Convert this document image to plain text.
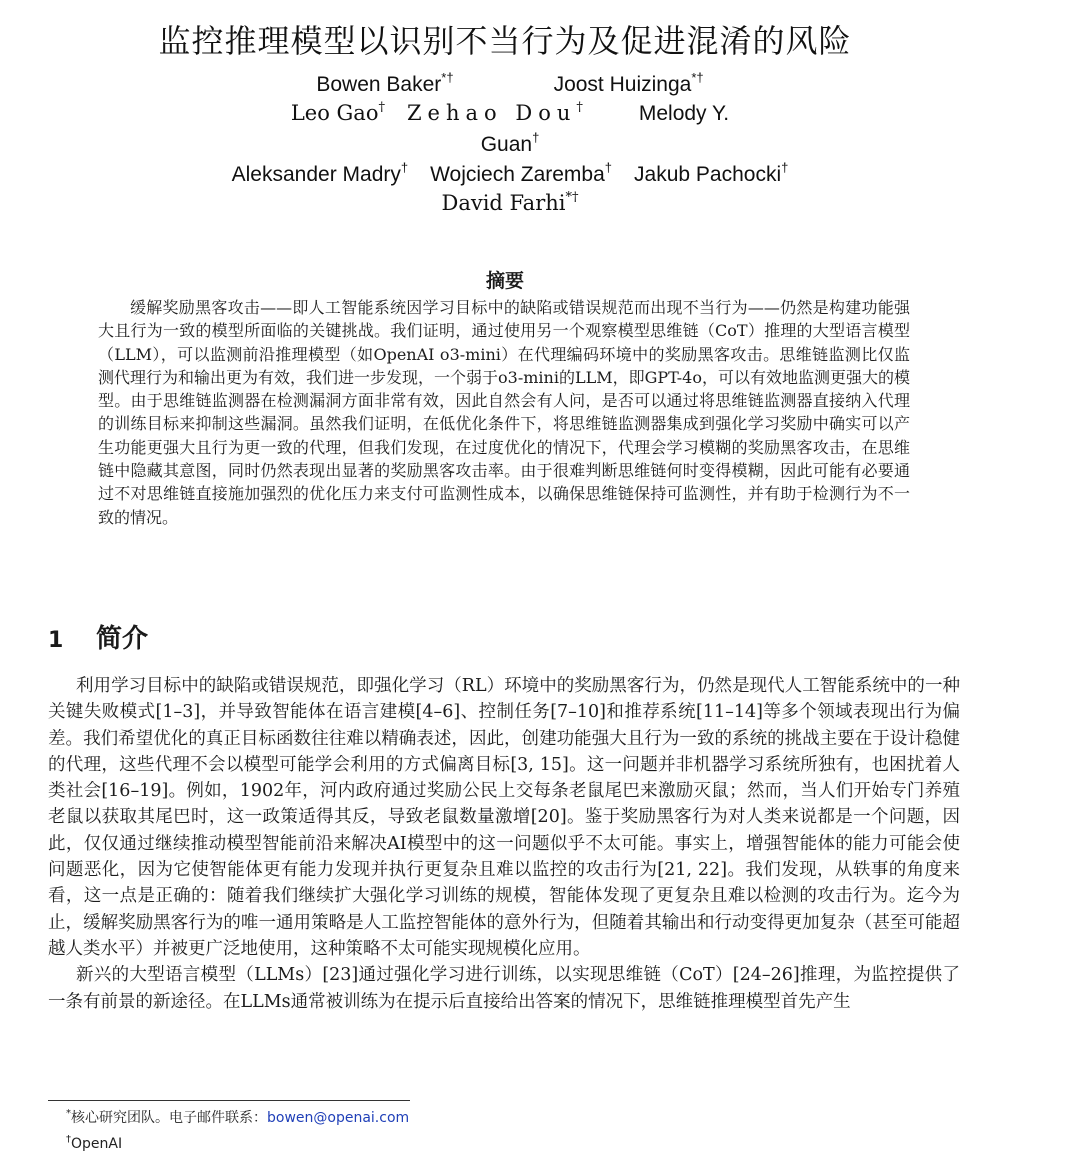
监控推理模型以识别不当行为及促进混淆的风险
Bowen Baker*†	Joost Huizinga*†
Leo Gao† Zehao Dou† Melody Y.
Guan†
Aleksander Madry† Wojciech Zaremba† Jakub Pachocki†
David Farhi*†
摘要

缓解奖励黑客攻击——即人工智能系统因学习目标中的缺陷或错误规范而出现不当行为——仍然是构建功能强大且行为一致的模型所面临的关键挑战。我们证明，通过使用另一个观察模型思维链（CoT）推理的大型语言模型（LLM），可以监测前沿推理模型（如OpenAI o3-mini）在代理编码环境中的奖励黑客攻击。思维链监测比仅监测代理行为和输出更为有效，我们进一步发现，一个弱于o3-mini的LLM，即GPT-4o，可以有效地监测更强大的模型。由于思维链监测器在检测漏洞方面非常有效，因此自然会有人问，是否可以通过将思维链监测器直接纳入代理的训练目标来抑制这些漏洞。虽然我们证明，在低优化条件下，将思维链监测器集成到强化学习奖励中确实可以产生功能更强大且行为更一致的代理，但我们发现，在过度优化的情况下，代理会学习模糊的奖励黑客攻击，在思维链中隐藏其意图，同时仍然表现出显著的奖励黑客攻击率。由于很难判断思维链何时变得模糊，因此可能有必要通过不对思维链直接施加强烈的优化压力来支付可监测性成本，以确保思维链保持可监测性，并有助于检测行为不一致的情况。

1 简介

利用学习目标中的缺陷或错误规范，即强化学习（RL）环境中的奖励黑客行为，仍然是现代人工智能系统中的一种关键失败模式[1–3]，并导致智能体在语言建模[4–6]、控制任务[7–10]和推荐系统[11–14]等多个领域表现出行为偏差。我们希望优化的真正目标函数往往难以精确表述，因此，创建功能强大且行为一致的系统的挑战主要在于设计稳健的代理，这些代理不会以模型可能学会利用的方式偏离目标[3, 15]。这一问题并非机器学习系统所独有，也困扰着人类社会[16–19]。例如，1902年，河内政府通过奖励公民上交每条老鼠尾巴来激励灭鼠；然而，当人们开始专门养殖老鼠以获取其尾巴时，这一政策适得其反，导致老鼠数量激增[20]。鉴于奖励黑客行为对人类来说都是一个问题，因此，仅仅通过继续推动模型智能前沿来解决AI模型中的这一问题似乎不太可能。事实上，增强智能体的能力可能会使问题恶化，因为它使智能体更有能力发现并执行更复杂且难以监控的攻击行为[21, 22]。我们发现，从轶事的角度来看，这一点是正确的：随着我们继续扩大强化学习训练的规模，智能体发现了更复杂且难以检测的攻击行为。迄今为止，缓解奖励黑客行为的唯一通用策略是人工监控智能体的意外行为，但随着其输出和行动变得更加复杂（甚至可能超越人类水平）并被更广泛地使用，这种策略不太可能实现规模化应用。

新兴的大型语言模型（LLMs）[23]通过强化学习进行训练，以实现思维链（CoT）[24–26]推理，为监控提供了一条有前景的新途径。在LLMs通常被训练为在提示后直接给出答案的情况下，思维链推理模型首先产生

*核心研究团队。电子邮件联系：bowen@openai.com
†OpenAI
